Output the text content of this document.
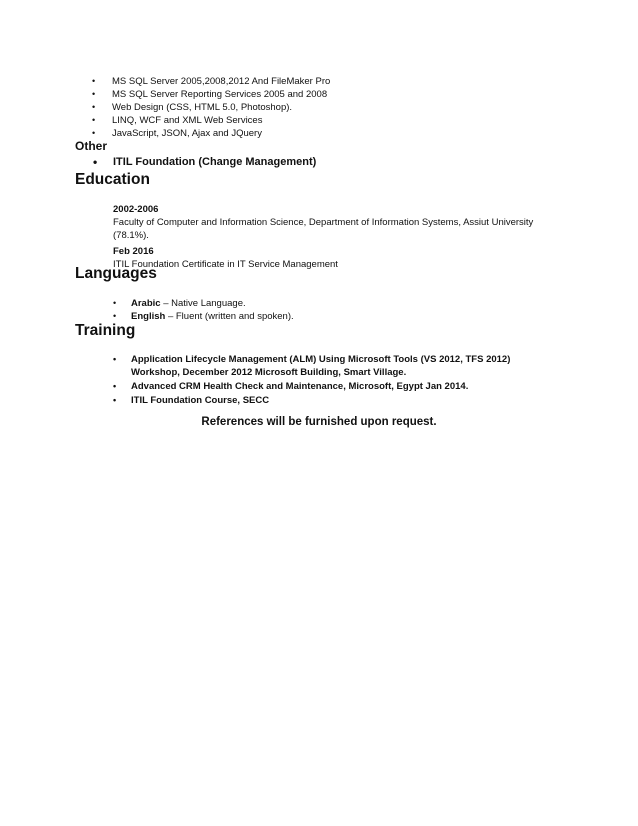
• MS SQL Server 2005,2008,2012 And FileMaker Pro
• MS SQL Server Reporting Services 2005 and 2008
• Web Design (CSS, HTML 5.0, Photoshop).
• LINQ, WCF and XML Web Services
• JavaScript, JSON, Ajax and JQuery
Other
• ITIL Foundation (Change Management)
Education
2002-2006
Faculty of Computer and Information Science, Department of Information Systems, Assiut University (78.1%).
Feb 2016
ITIL Foundation Certificate in IT Service Management
Languages
• Arabic – Native Language.
• English – Fluent (written and spoken).
Training
• Application Lifecycle Management (ALM) Using Microsoft Tools (VS 2012, TFS 2012) Workshop, December 2012 Microsoft Building, Smart Village.
• Advanced CRM Health Check and Maintenance, Microsoft, Egypt Jan 2014.
• ITIL Foundation Course, SECC
References will be furnished upon request.
